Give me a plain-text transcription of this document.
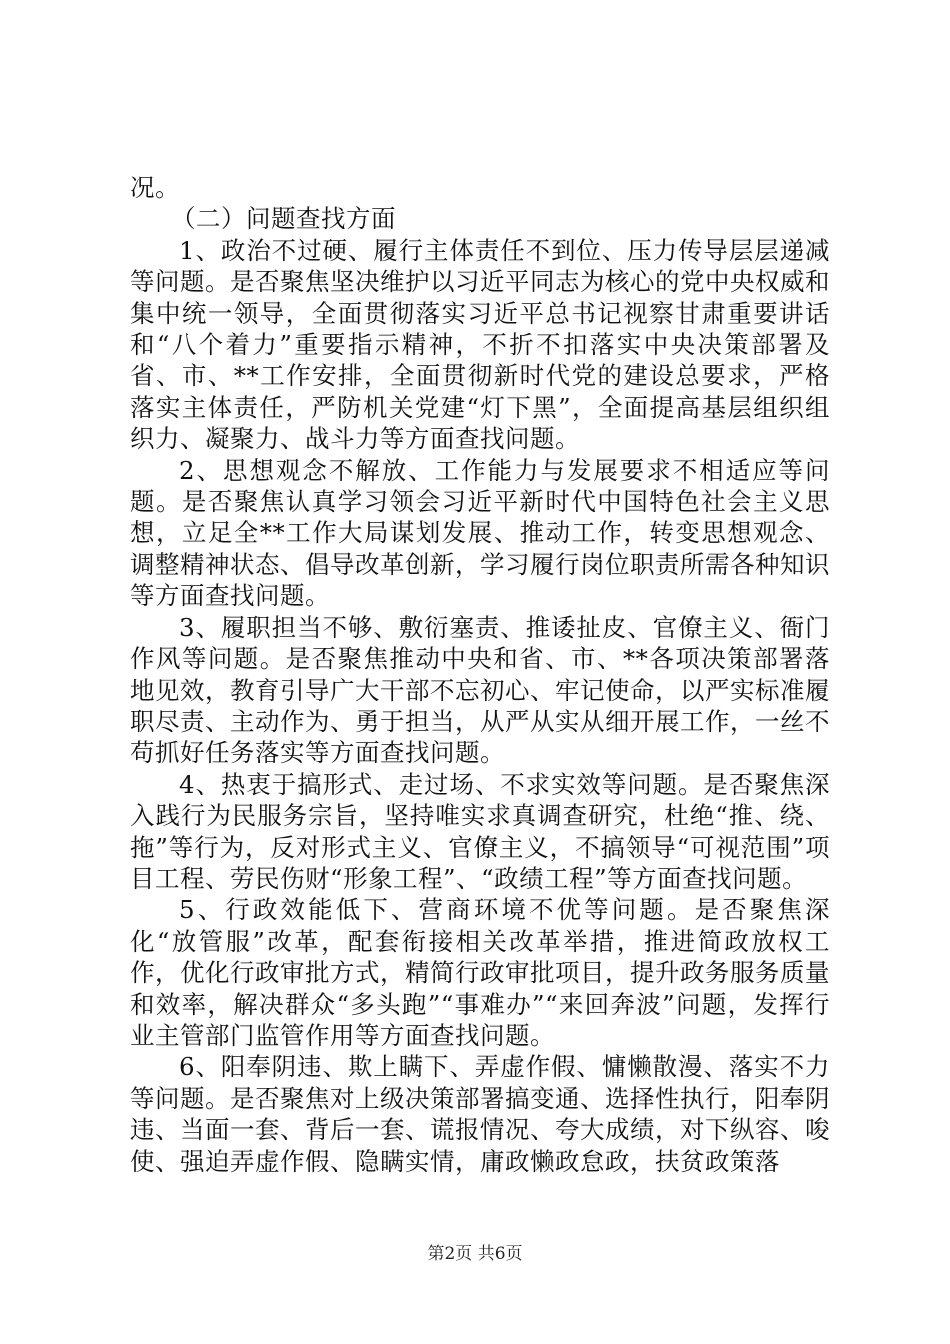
况。

（二）问题查找方面

1、政治不过硬、履行主体责任不到位、压力传导层层递减等问题。是否聚焦坚决维护以习近平同志为核心的党中央权威和集中统一领导，全面贯彻落实习近平总书记视察甘肃重要讲话和“八个着力”重要指示精神，不折不扣落实中央决策部署及省、市、**工作安排，全面贯彻新时代党的建设总要求，严格落实主体责任，严防机关党建“灯下黑”，全面提高基层组织组织力、凝聚力、战斗力等方面查找问题。

2、思想观念不解放、工作能力与发展要求不相适应等问题。是否聚焦认真学习领会习近平新时代中国特色社会主义思想，立足全**工作大局谋划发展、推动工作，转变思想观念、调整精神状态、倡导改革创新，学习履行岗位职责所需各种知识等方面查找问题。

3、履职担当不够、敷衍塞责、推诿扯皮、官僚主义、衙门作风等问题。是否聚焦推动中央和省、市、**各项决策部署落地见效，教育引导广大干部不忘初心、牢记使命，以严实标准履职尽责、主动作为、勇于担当，从严从实从细开展工作，一丝不苟抓好任务落实等方面查找问题。

4、热衷于搞形式、走过场、不求实效等问题。是否聚焦深入践行为民服务宗旨，坚持唯实求真调查研究，杜绝“推、绕、拖”等行为，反对形式主义、官僚主义，不搞领导“可视范围”项目工程、劳民伤财“形象工程”、“政绩工程”等方面查找问题。

5、行政效能低下、营商环境不优等问题。是否聚焦深化“放管服”改革，配套衔接相关改革举措，推进简政放权工作，优化行政审批方式，精简行政审批项目，提升政务服务质量和效率，解决群众“多头跑”“事难办”“来回奔波”问题，发挥行业主管部门监管作用等方面查找问题。

6、阳奉阴违、欺上瞒下、弄虚作假、慵懒散漫、落实不力等问题。是否聚焦对上级决策部署搞变通、选择性执行，阳奉阴违、当面一套、背后一套、谎报情况、夸大成绩，对下纵容、唆使、强迫弄虚作假、隐瞒实情，庸政懒政怠政，扶贫政策落

第2页 共6页
